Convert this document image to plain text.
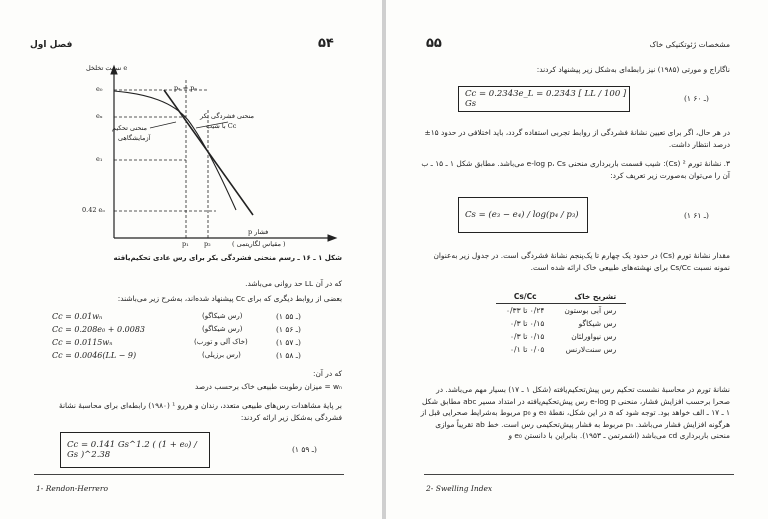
فصل اول	۵۴
e نسبت تخلخل
e₀
eₓ
e₁
0.42 eₒ
pₐ = pₙ
منحنی فشردگی بکر
با شیب Cc
منحنی تحکیم
آزمایشگاهی
p₁ p₂
فشار p
( مقیاس لگاریتمی )
شکل ۱ ـ ۱۶ ـ رسم منحنی فشردگی بکر برای رس عادی تحکیم‌یافته
که در آن LL حد روانی می‌باشد.
بعضی از روابط دیگری که برای Cc پیشنهاد شده‌اند، به‌شرح زیر می‌باشند:
Cc = 0.01wₙ	(رس شیکاگو)	(۱ ـ ۵۵)
Cc = 0.208e₀ + 0.0083	(رس شیکاگو)	(۱ ـ ۵۶)
Cc = 0.0115wₙ	(خاک آلی و تورب)	(۱ ـ ۵۷)
Cc = 0.0046(LL − 9)	(رس برزیلی)	(۱ ـ ۵۸)
که در آن:
wₙ = میزان رطوبت طبیعی خاک برحسب درصد
بر پایهٔ مشاهدات رس‌های طبیعی متعدد، رندان و هررو ¹ (۱۹۸۰) رابطه‌ای برای محاسبهٔ نشانهٔ فشردگی به‌شکل زیر ارائه کردند:
Cc = 0.141 Gs^1.2 ( (1 + e₀) / Gs )^2.38
(۱ ـ ۵۹)
1- Rendon-Herrero
مشخصات ژئوتکنیکی خاک
۵۵
ناگاراج و مورتی (۱۹۸۵) نیز رابطه‌ای به‌شکل زیر پیشنهاد کردند:
Cc = 0.2343e_L = 0.2343 [ LL / 100 ] Gs
(۱ ـ ۶۰)
در هر حال، اگر برای تعیین نشانهٔ فشردگی از روابط تجربی استفاده گردد، باید اختلافی در حدود ۱۵± درصد انتظار داشت.
۳. نشانهٔ تورم ² (Cs): شیب قسمت باربرداری منحنی e-log p، Cs می‌باشد. مطابق شکل ۱ ـ ۱۵ ـ ب آن را می‌توان به‌صورت زیر تعریف کرد:
Cs = (e₃ − e₄) / log(p₄ / p₃)	(۱ ـ ۶۱)
مقدار نشانهٔ تورم (Cs) در حدود یک چهارم تا یک‌پنجم نشانهٔ فشردگی است. در جدول زیر به‌عنوان نمونه نسبت Cs/Cc برای نهشته‌های طبیعی خاک ارائه شده است.
Cs/Cc	تشریح خاک
۰/۲۴ تا ۰/۳۳	رس آبی بوستون
۰/۱۵ تا ۰/۳	رس شیکاگو
۰/۱۵ تا ۰/۳	رس نیواورلئان
۰/۰۵ تا ۰/۱	رس سنت‌لارنس
نشانهٔ تورم در محاسبهٔ نشست تحکیم رس پیش‌تحکیم‌یافته (شکل ۱ ـ ۱۷) بسیار مهم می‌باشد. در صحرا برحسب افزایش فشار، منحنی e-log p رس پیش‌تحکیم‌یافته در امتداد مسیر abc مطابق شکل ۱ ـ ۱۷ ـ الف خواهد بود. توجه شود که a در این شکل، نقطهٔ e₀ و p₀ مربوط به‌شرایط صحرایی قبل از هرگونه افزایش فشار می‌باشد. pₙ مربوط به فشار پیش‌تحکیمی رس است. خط ab تقریباً موازی منحنی باربرداری cd می‌باشد (اشمرتمن ـ ۱۹۵۳). بنابراین با دانستن e₀ و
2- Swelling Index
